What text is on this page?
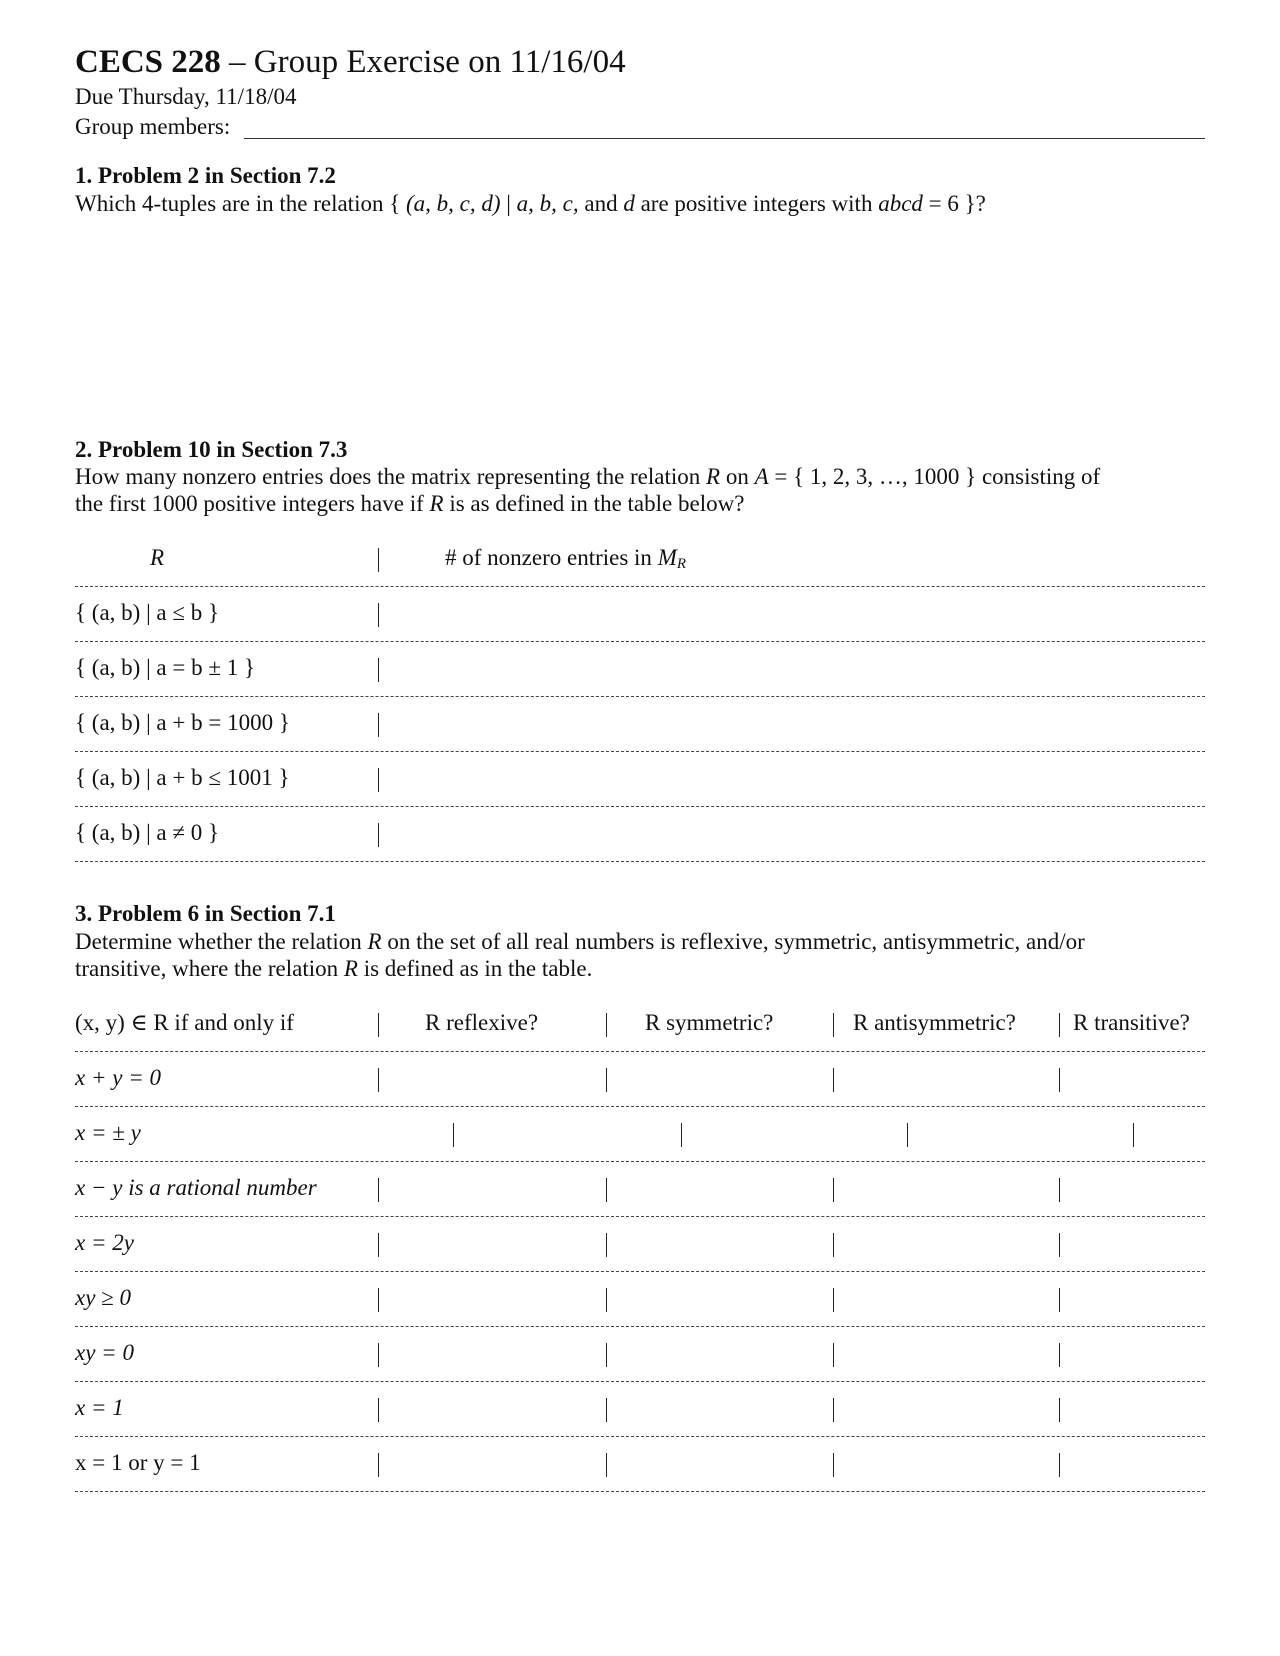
CECS 228 – Group Exercise on 11/16/04
Due Thursday, 11/18/04
Group members:
1. Problem 2 in Section 7.2
Which 4-tuples are in the relation { (a, b, c, d) | a, b, c, and d are positive integers with abcd = 6 }?
2. Problem 10 in Section 7.3
How many nonzero entries does the matrix representing the relation R on A = { 1, 2, 3, …, 1000 } consisting of
the first 1000 positive integers have if R is as defined in the table below?
R	# of nonzero entries in $M_R$
{ (a, b) | a ≤ b }
{ (a, b) | a = b ± 1 }
{ (a, b) | a + b = 1000 }
{ (a, b) | a + b ≤ 1001 }
{ (a, b) | a ≠ 0 }
3. Problem 6 in Section 7.1
Determine whether the relation R on the set of all real numbers is reflexive, symmetric, antisymmetric, and/or
transitive, where the relation R is defined as in the table.
(x, y) ∈ R if and only if	R reflexive?	R symmetric?	R antisymmetric? R transitive?
x + y = 0
x = ± y
x − y is a rational number
x = 2y
xy ≥ 0
xy = 0
x = 1
x = 1 or y = 1
